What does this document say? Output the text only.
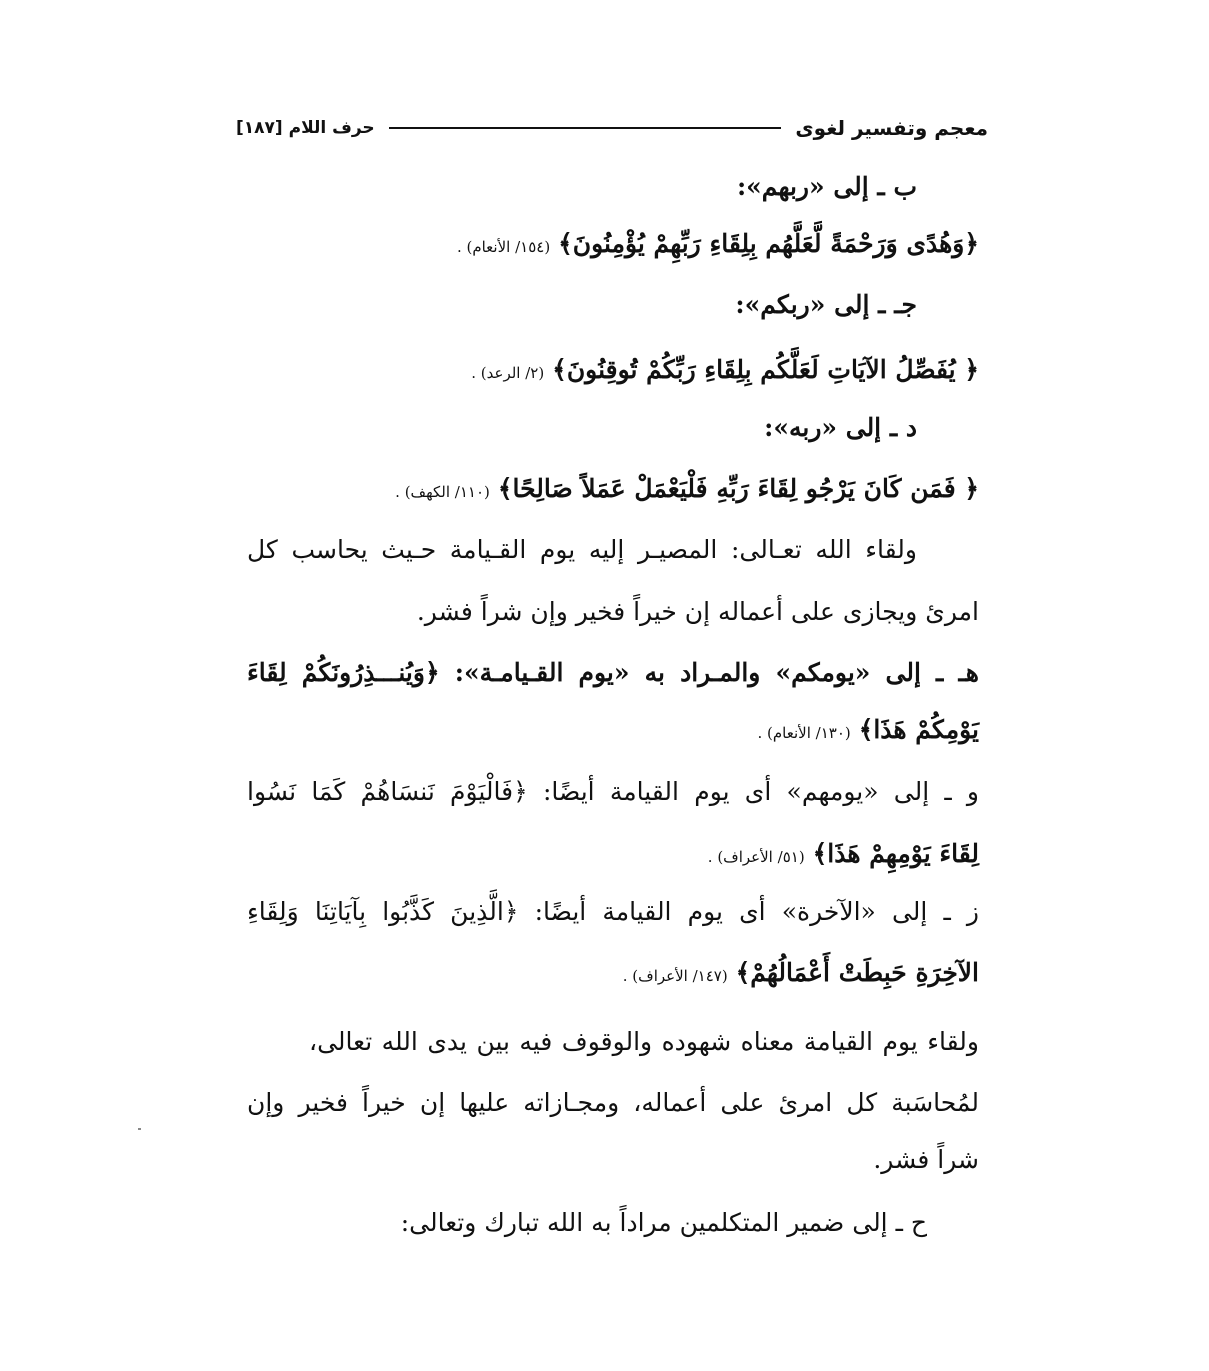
معجم وتفسير لغوى
حرف اللام [١٨٧]
ب ـ إلى «ربهم»:
﴿وَهُدًى وَرَحْمَةً لَّعَلَّهُم بِلِقَاءِ رَبِّهِمْ يُؤْمِنُونَ﴾ (١٥٤/ الأنعام) .
جـ ـ إلى «ربكم»:
﴿ يُفَصِّلُ الآيَاتِ لَعَلَّكُم بِلِقَاءِ رَبِّكُمْ تُوقِنُونَ﴾ (٢/ الرعد) .
د ـ إلى «ربه»:
﴿ فَمَن كَانَ يَرْجُو لِقَاءَ رَبِّهِ فَلْيَعْمَلْ عَمَلاً صَالِحًا﴾ (١١٠/ الكهف) .
ولقاء الله تعـالى: المصيـر إليه يوم القـيامة حـيث يحاسب كل
امرئ ويجازى على أعماله إن خيراً فخير وإن شراً فشر.
هـ ـ إلى «يومكم» والمـراد به «يوم القـيامـة»: ﴿وَيُنـــذِرُونَكُمْ لِقَاءَ
يَوْمِكُمْ هَذَا﴾ (١٣٠/ الأنعام) .
و ـ إلى «يومهم» أى يوم القيامة أيضًا: ﴿فَالْيَوْمَ نَنسَاهُمْ كَمَا نَسُوا
لِقَاءَ يَوْمِهِمْ هَذَا﴾ (٥١/ الأعراف) .
ز ـ إلى «الآخرة» أى يوم القيامة أيضًا: ﴿الَّذِينَ كَذَّبُوا بِآيَاتِنَا وَلِقَاءِ
الآخِرَةِ حَبِطَتْ أَعْمَالُهُمْ﴾ (١٤٧/ الأعراف) .
ولقاء يوم القيامة معناه شهوده والوقوف فيه بين يدى الله تعالى،
لمُحاسَبة كل امرئ على أعماله، ومجـازاته عليها إن خيراً فخير وإن
شراً فشر.
ح ـ إلى ضمير المتكلمين مراداً به الله تبارك وتعالى:
